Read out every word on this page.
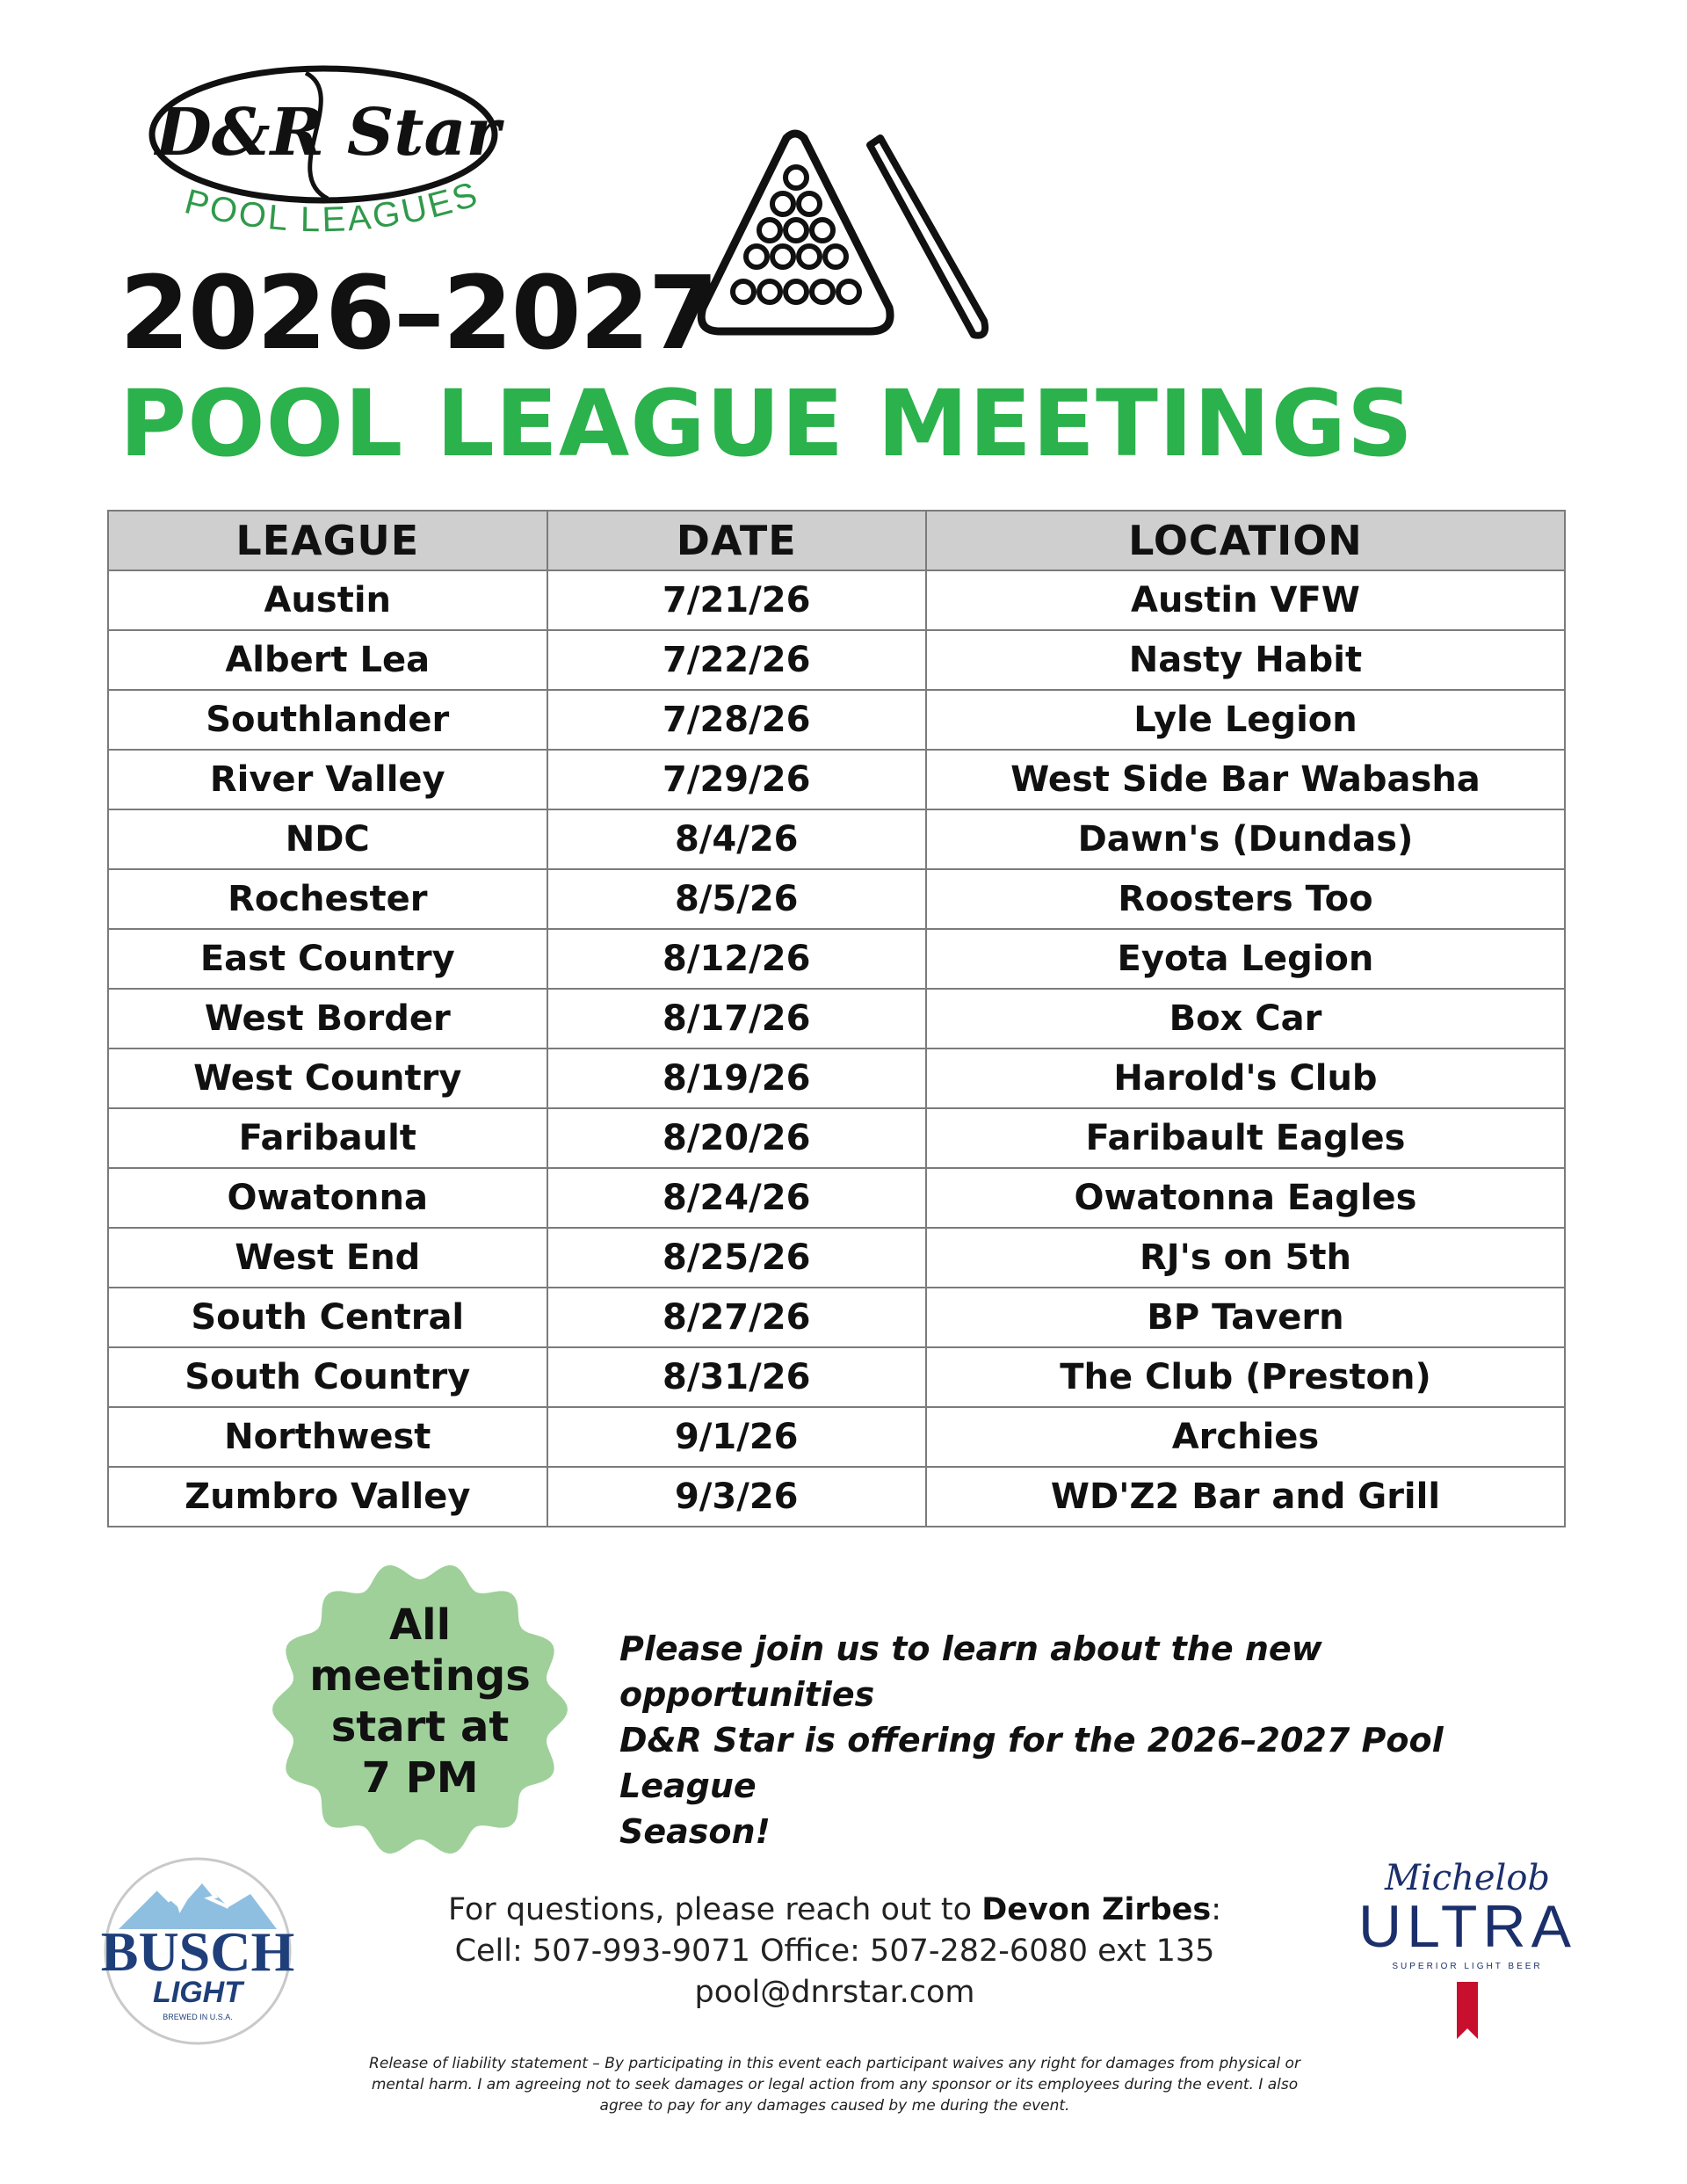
D&R Star
POOL LEAGUES
2026–2027
POOL LEAGUE MEETINGS
LEAGUE	DATE	LOCATION
Austin	7/21/26	Austin VFW
Albert Lea	7/22/26	Nasty Habit
Southlander	7/28/26	Lyle Legion
River Valley	7/29/26	West Side Bar Wabasha
NDC	8/4/26	Dawn's (Dundas)
Rochester	8/5/26	Roosters Too
East Country	8/12/26	Eyota Legion
West Border	8/17/26	Box Car
West Country	8/19/26	Harold's Club
Faribault	8/20/26	Faribault Eagles
Owatonna	8/24/26	Owatonna Eagles
West End	8/25/26	RJ's on 5th
South Central	8/27/26	BP Tavern
South Country	8/31/26	The Club (Preston)
Northwest	9/1/26	Archies
Zumbro Valley	9/3/26	WD'Z2 Bar and Grill
All
meetings
start at
7 PM
Please join us to learn about the new opportunities
D&R Star is offering for the 2026–2027 Pool League
Season!
For questions, please reach out to Devon Zirbes:
Cell: 507-993-9071 Office: 507-282-6080 ext 135
pool@dnrstar.com
Release of liability statement – By participating in this event each participant waives any right for damages from physical or
mental harm. I am agreeing not to seek damages or legal action from any sponsor or its employees during the event. I also
agree to pay for any damages caused by me during the event.
BUSCH
LIGHT
BREWED IN U.S.A.
Michelob
ULTRA
SUPERIOR LIGHT BEER
